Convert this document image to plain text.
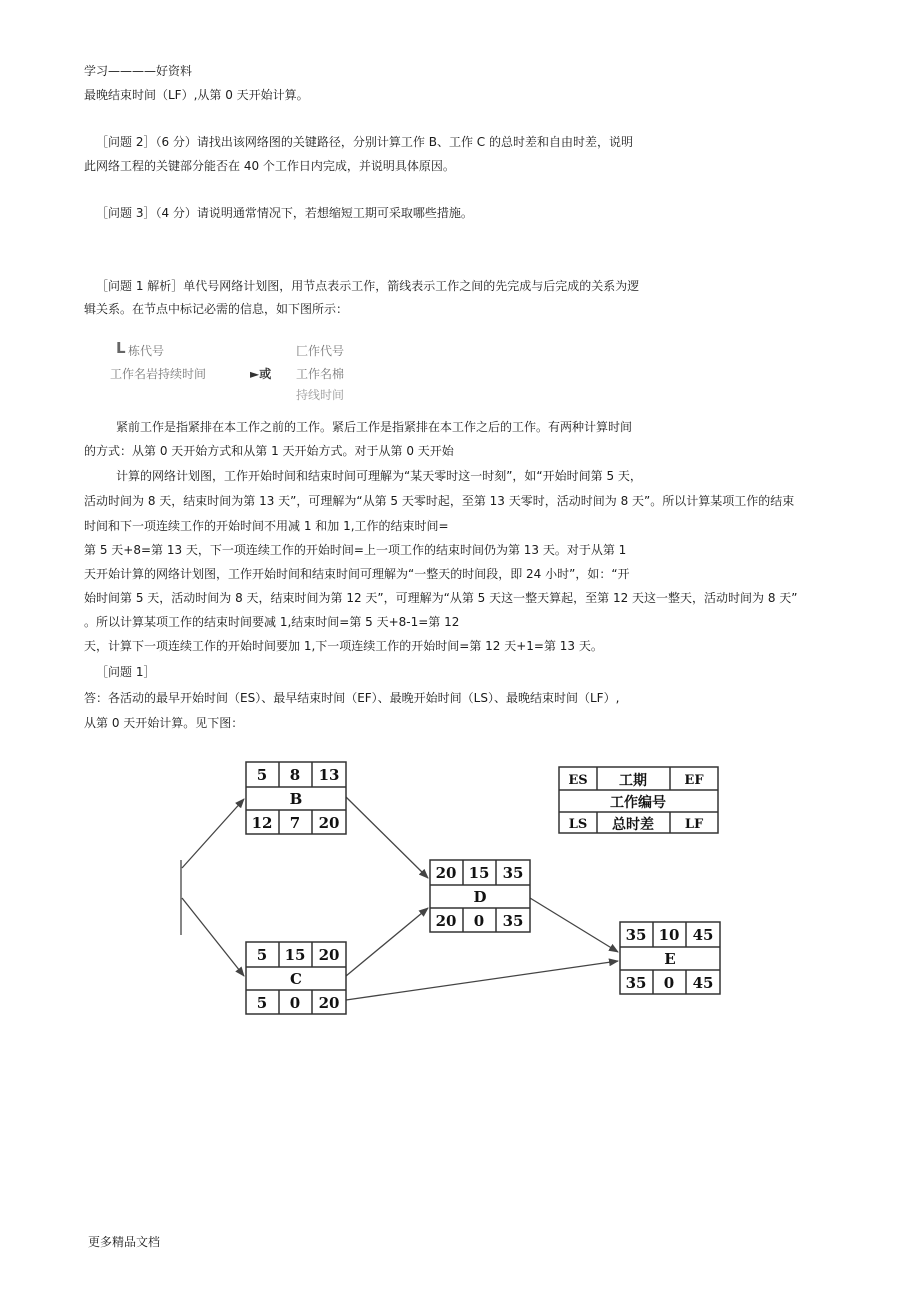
学习————好资料
最晚结束时间（LF）,从第 0 天开始计算。
［问题 2］（6 分）请找出该网络图的关键路径，分别计算工作 B、工作 C 的总时差和自由时差，说明
此网络工程的关键部分能否在 40 个工作日内完成，并说明具体原因。
［问题 3］（4 分）请说明通常情况下，若想缩短工期可采取哪些措施。
［问题 1 解析］单代号网络计划图，用节点表示工作，箭线表示工作之间的先完成与后完成的关系为逻
辑关系。在节点中标记必需的信息，如下图所示：
L 栋代号
工作名岩持续时间	►或
匚作代号
工作名棉
持线时间
紧前工作是指紧排在本工作之前的工作。紧后工作是指紧排在本工作之后的工作。有两种计算时间
的方式：从第 0 天开始方式和从第 1 天开始方式。对于从第 0 天开始
计算的网络计划图，工作开始时间和结束时间可理解为“某天零时这一时刻”，如“开始时间第 5 天，
活动时间为 8 天，结束时间为第 13 天”，可理解为“从第 5 天零时起，至第 13 天零时，活动时间为 8 天”。所以计算某项工作的结束
时间和下一项连续工作的开始时间不用减 1 和加 1,工作的结束时间=
第 5 天+8=第 13 天，下一项连续工作的开始时间=上一项工作的结束时间仍为第 13 天。对于从第 1
天开始计算的网络计划图，工作开始时间和结束时间可理解为“一整天的时间段，即 24 小时”，如：“开
始时间第 5 天，活动时间为 8 天，结束时间为第 12 天”，可理解为“从第 5 天这一整天算起，至第 12 天这一整天，活动时间为 8 天”
。所以计算某项工作的结束时间要减 1,结束时间=第 5 天+8-1=第 12
天，计算下一项连续工作的开始时间要加 1,下一项连续工作的开始时间=第 12 天+1=第 13 天。
［问题 1］
答：各活动的最早开始时间（ES）、最早结束时间（EF）、最晚开始时间（LS）、最晚结束时间（LF）,
从第 0 天开始计算。见下图：
5 8 13
B
12 7 20
5 15 20
C
5 0 20
20 15 35
D
20 0 35
35 10 45
E
35 0 45
ES 工期	EF
工作编号
LS 总时差 LF
更多精品文档
